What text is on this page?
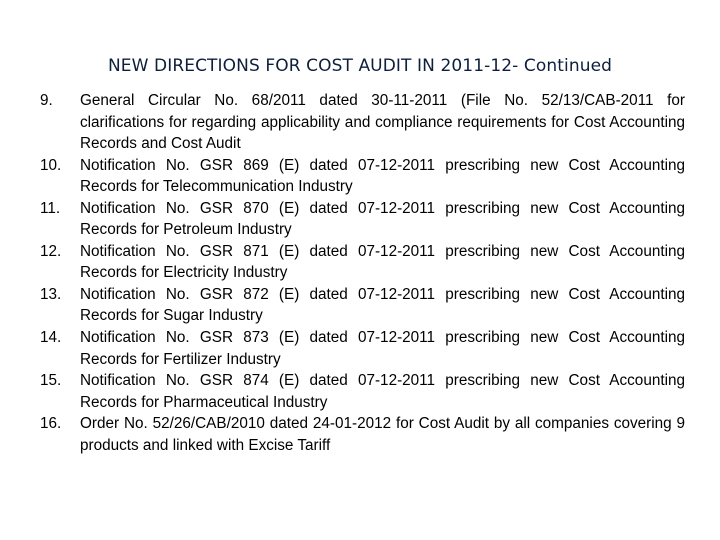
NEW DIRECTIONS FOR COST AUDIT IN 2011-12- Continued
9. General Circular No. 68/2011 dated 30-11-2011 (File No. 52/13/CAB-2011 for clarifications for regarding applicability and compliance requirements for Cost Accounting Records and Cost Audit
10. Notification No. GSR 869 (E) dated 07-12-2011 prescribing new Cost Accounting Records for Telecommunication Industry
11. Notification No. GSR 870 (E) dated 07-12-2011 prescribing new Cost Accounting Records for Petroleum Industry
12. Notification No. GSR 871 (E) dated 07-12-2011 prescribing new Cost Accounting Records for Electricity Industry
13. Notification No. GSR 872 (E) dated 07-12-2011 prescribing new Cost Accounting Records for Sugar Industry
14. Notification No. GSR 873 (E) dated 07-12-2011 prescribing new Cost Accounting Records for Fertilizer Industry
15. Notification No. GSR 874 (E) dated 07-12-2011 prescribing new Cost Accounting Records for Pharmaceutical Industry
16. Order No. 52/26/CAB/2010 dated 24-01-2012 for Cost Audit by all companies covering 9 products and linked with Excise Tariff
